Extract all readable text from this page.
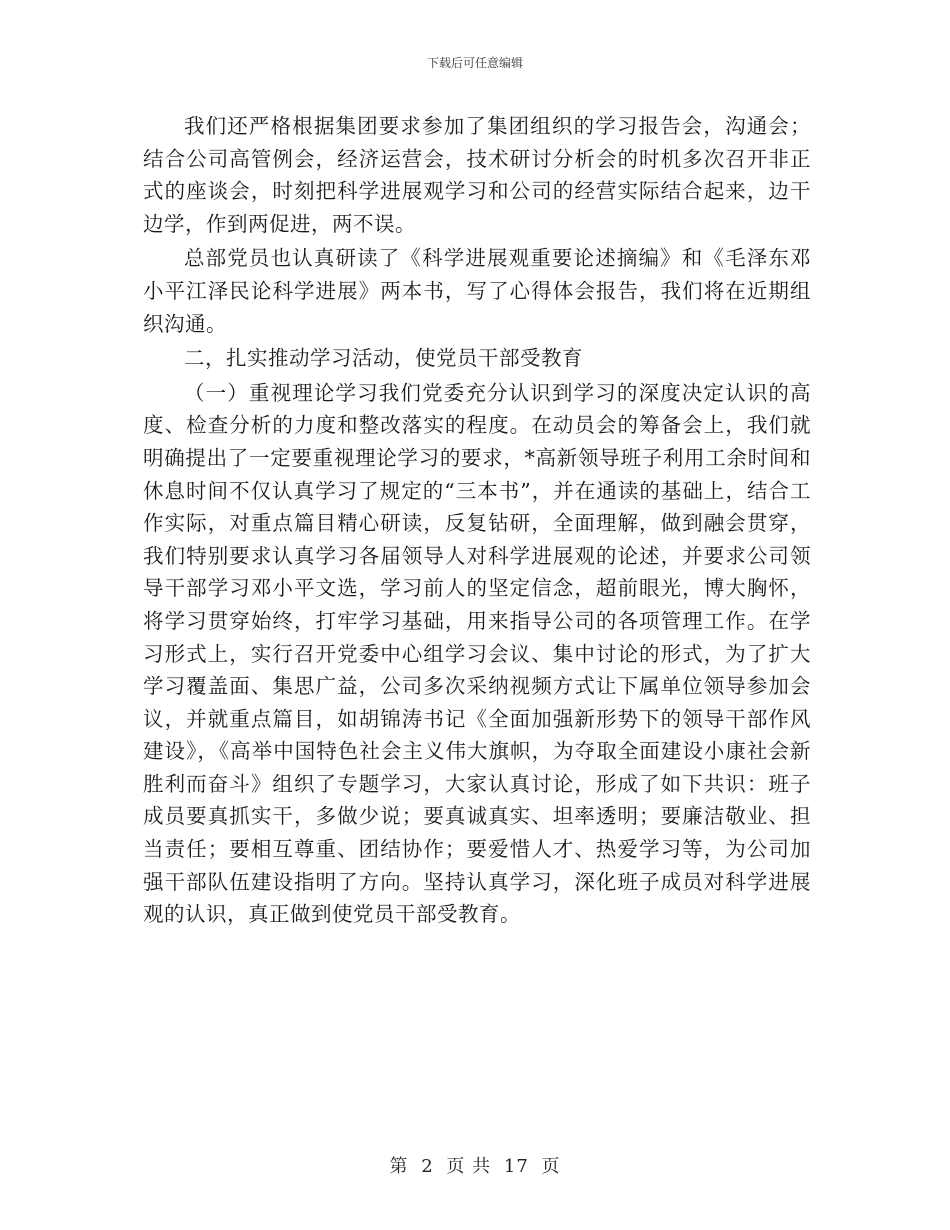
下载后可任意编辑

我们还严格根据集团要求参加了集团组织的学习报告会，沟通会；结合公司高管例会，经济运营会，技术研讨分析会的时机多次召开非正式的座谈会，时刻把科学进展观学习和公司的经营实际结合起来，边干边学，作到两促进，两不误。

总部党员也认真研读了《科学进展观重要论述摘编》和《毛泽东邓小平江泽民论科学进展》两本书，写了心得体会报告，我们将在近期组织沟通。

二，扎实推动学习活动，使党员干部受教育

（一）重视理论学习我们党委充分认识到学习的深度决定认识的高度、检查分析的力度和整改落实的程度。在动员会的筹备会上，我们就明确提出了一定要重视理论学习的要求，*高新领导班子利用工余时间和休息时间不仅认真学习了规定的“三本书”，并在通读的基础上，结合工作实际，对重点篇目精心研读，反复钻研，全面理解，做到融会贯穿，我们特别要求认真学习各届领导人对科学进展观的论述，并要求公司领导干部学习邓小平文选，学习前人的坚定信念，超前眼光，博大胸怀，将学习贯穿始终，打牢学习基础，用来指导公司的各项管理工作。在学习形式上，实行召开党委中心组学习会议、集中讨论的形式，为了扩大学习覆盖面、集思广益，公司多次采纳视频方式让下属单位领导参加会议，并就重点篇目，如胡锦涛书记《全面加强新形势下的领导干部作风建设》，《高举中国特色社会主义伟大旗帜，为夺取全面建设小康社会新胜利而奋斗》组织了专题学习，大家认真讨论，形成了如下共识：班子成员要真抓实干，多做少说；要真诚真实、坦率透明；要廉洁敬业、担当责任；要相互尊重、团结协作；要爱惜人才、热爱学习等，为公司加强干部队伍建设指明了方向。坚持认真学习，深化班子成员对科学进展观的认识，真正做到使党员干部受教育。

第 2 页 共 17 页
